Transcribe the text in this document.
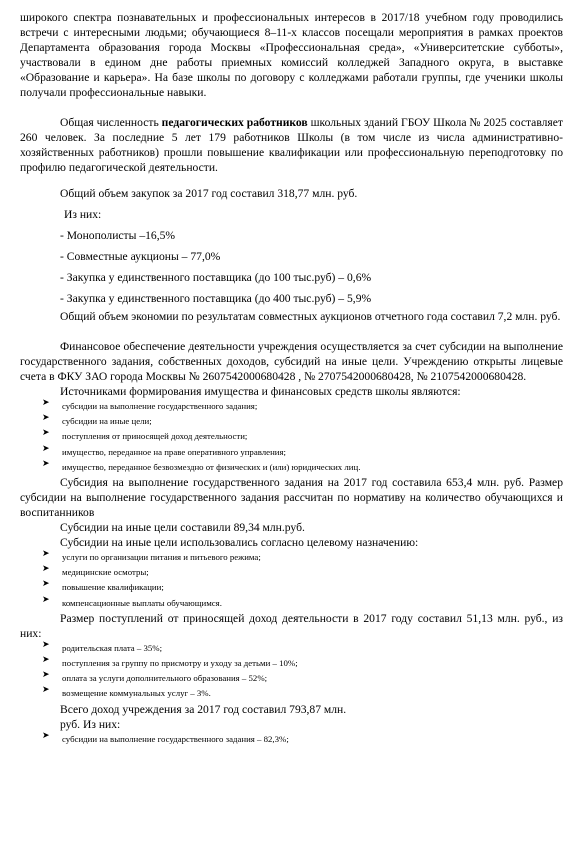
широкого спектра познавательных и профессиональных интересов в 2017/18 учебном году проводились встречи с интересными людьми; обучающиеся 8–11-х классов посещали мероприятия в рамках проектов Департамента образования города Москвы «Профессиональная среда», «Университетские субботы», участвовали в едином дне работы приемных комиссий колледжей Западного округа, в выставке «Образование и карьера». На базе школы по договору с колледжами работали группы, где ученики школы получали профессиональные навыки.

Общая численность педагогических работников школьных зданий ГБОУ Школа № 2025 составляет 260 человек. За последние 5 лет 179 работников Школы (в том числе из числа административно-хозяйственных работников) прошли повышение квалификации или профессиональную переподготовку по профилю педагогической деятельности.

Общий объем закупок за 2017 год составил 318,77 млн. руб.

Из них:

- Монополисты –16,5%

- Совместные аукционы – 77,0%

- Закупка у единственного поставщика (до 100 тыс.руб) – 0,6%

- Закупка у единственного поставщика (до 400 тыс.руб) – 5,9%

Общий объем экономии по результатам совместных аукционов отчетного года составил 7,2 млн. руб.

Финансовое обеспечение деятельности учреждения осуществляется за счет субсидии на выполнение государственного задания, собственных доходов, субсидий на иные цели. Учреждению открыты лицевые счета в ФКУ ЗАО города Москвы № 2607542000680428 , № 2707542000680428, № 2107542000680428.

Источниками формирования имущества и финансовых средств школы являются:

➤ субсидии на выполнение государственного задания;
➤ субсидии на иные цели;
➤ поступления от приносящей доход деятельности;
➤ имущество, переданное на праве оперативного управления;
➤ имущество, переданное безвозмездно от физических и (или) юридических лиц.

Субсидия на выполнение государственного задания на 2017 год составила 653,4 млн. руб. Размер субсидии на выполнение государственного задания рассчитан по нормативу на количество обучающихся и воспитанников

Субсидии на иные цели составили 89,34 млн.руб.

Субсидии на иные цели использовались согласно целевому назначению:

➤ услуги по организации питания и питьевого режима;
➤ медицинские осмотры;
➤ повышение квалификации;
➤ компенсационные выплаты обучающимся.

Размер поступлений от приносящей доход деятельности в 2017 году составил 51,13 млн. руб., из них:

➤ родительская плата – 35%;
➤ поступления за группу по присмотру и уходу за детьми – 10%;
➤ оплата за услуги дополнительного образования – 52%;
➤ возмещение коммунальных услуг – 3%.

Всего доход учреждения за 2017 год составил 793,87 млн.

руб. Из них:

➤ субсидии на выполнение государственного задания – 82,3%;
